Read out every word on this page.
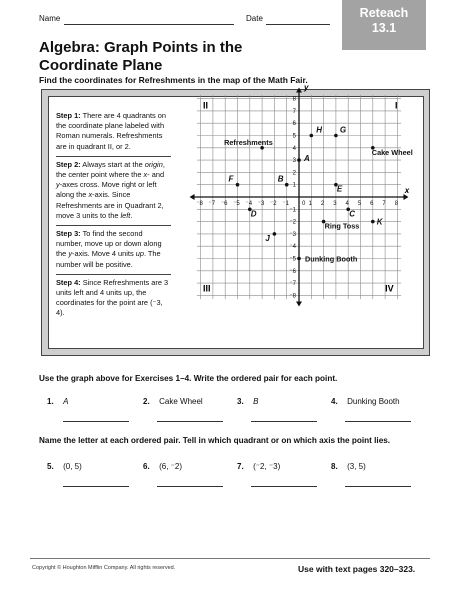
Name	Date	Reteach
13.1
Algebra: Graph Points in the
Coordinate Plane
Find the coordinates for Refreshments in the map of the Math Fair.
Step 1: There are 4 quadrants on the coordinate plane labeled with Roman numerals. Refreshments are in quadrant II, or 2.
Step 2: Always start at the origin, the center point where the x- and y-axes cross. Move right or left along the x-axis. Since Refreshments are in Quadrant 2, move 3 units to the left.
Step 3: To find the second number, move up or down along the y-axis. Move 4 units up. The number will be positive.
Step 4: Since Refreshments are 3 units left and 4 units up, the coordinates for the point are (⁻3, 4).
⁻8 ⁻7 ⁻6 ⁻5 ⁻4 ⁻3 ⁻2 ⁻1	1 2 3 4 5 6 7 8
8
7
6
5
4
3
2
1
⁻1
⁻2
⁻3
⁻4
⁻5
⁻6
⁻7
⁻8
0
Refreshments
H G
A
Cake Wheel
F	B
E
D	C
Ring Toss K
J
Dunking Booth
I
II
III	IV
x
y
Use the graph above for Exercises 1–4. Write the ordered pair for each point.
1. A	2. Cake Wheel	3. B	4. Dunking Booth
Name the letter at each ordered pair. Tell in which quadrant or on which axis the point lies.
5. (0, 5)	6. (6, ⁻2)	7. (⁻2, ⁻3)	8. (3, 5)
Copyright © Houghton Mifflin Company. All rights reserved.	Use with text pages 320–323.
